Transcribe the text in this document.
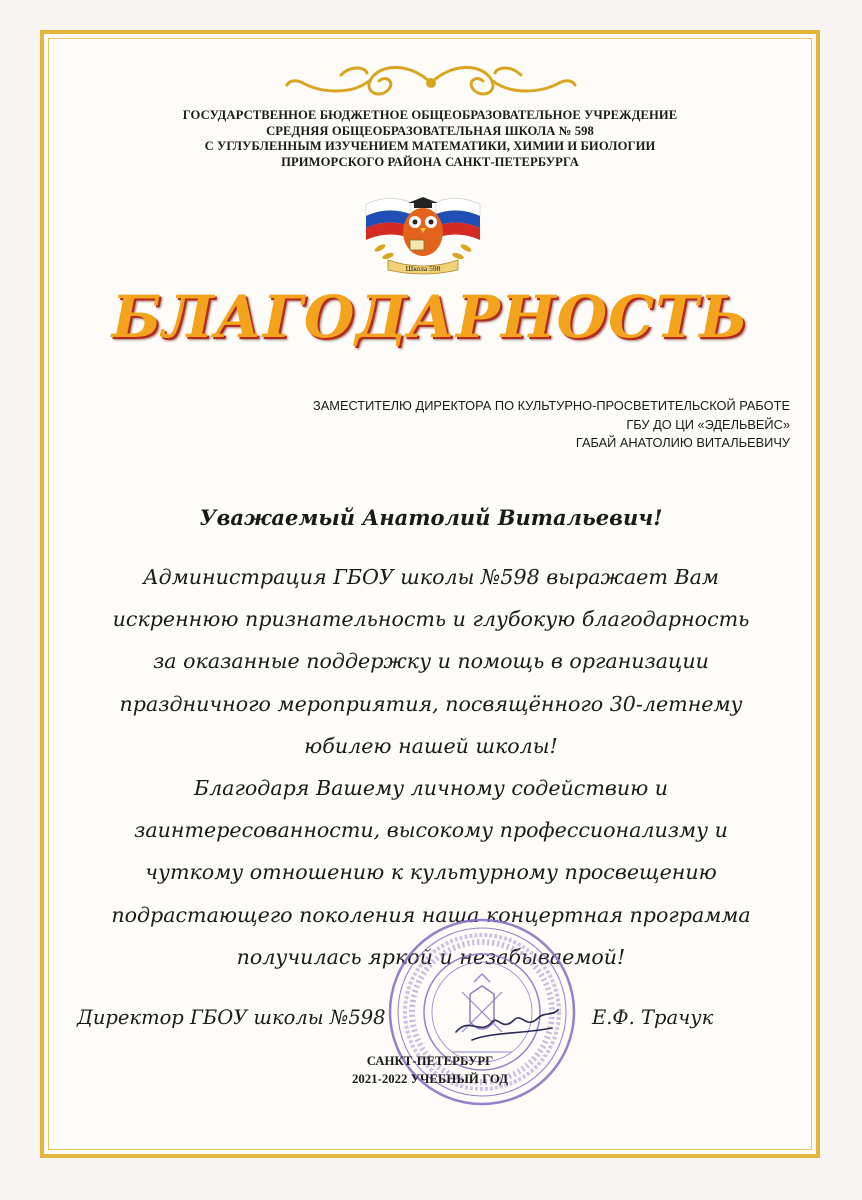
ГОСУДАРСТВЕННОЕ БЮДЖЕТНОЕ ОБЩЕОБРАЗОВАТЕЛЬНОЕ УЧРЕЖДЕНИЕ
СРЕДНЯЯ ОБЩЕОБРАЗОВАТЕЛЬНАЯ ШКОЛА № 598
С УГЛУБЛЕННЫМ ИЗУЧЕНИЕМ МАТЕМАТИКИ, ХИМИИ И БИОЛОГИИ
ПРИМОРСКОГО РАЙОНА САНКТ-ПЕТЕРБУРГА
Школа 598
БЛАГОДАРНОСТЬ
ЗАМЕСТИТЕЛЮ ДИРЕКТОРА ПО КУЛЬТУРНО-ПРОСВЕТИТЕЛЬСКОЙ РАБОТЕ
ГБУ ДО ЦИ «ЭДЕЛЬВЕЙС»
ГАБАЙ АНАТОЛИЮ ВИТАЛЬЕВИЧУ
Уважаемый Анатолий Витальевич!
Администрация ГБОУ школы №598 выражает Вам
искреннюю признательность и глубокую благодарность
за оказанные поддержку и помощь в организации
праздничного мероприятия, посвящённого 30-летнему
юбилею нашей школы!
Благодаря Вашему личному содействию и
заинтересованности, высокому профессионализму и
чуткому отношению к культурному просвещению
подрастающего поколения наша концертная программа
получилась яркой и незабываемой!
Директор ГБОУ школы №598	Е.Ф. Трачук
САНКТ-ПЕТЕРБУРГ
2021-2022 УЧЕБНЫЙ ГОД
